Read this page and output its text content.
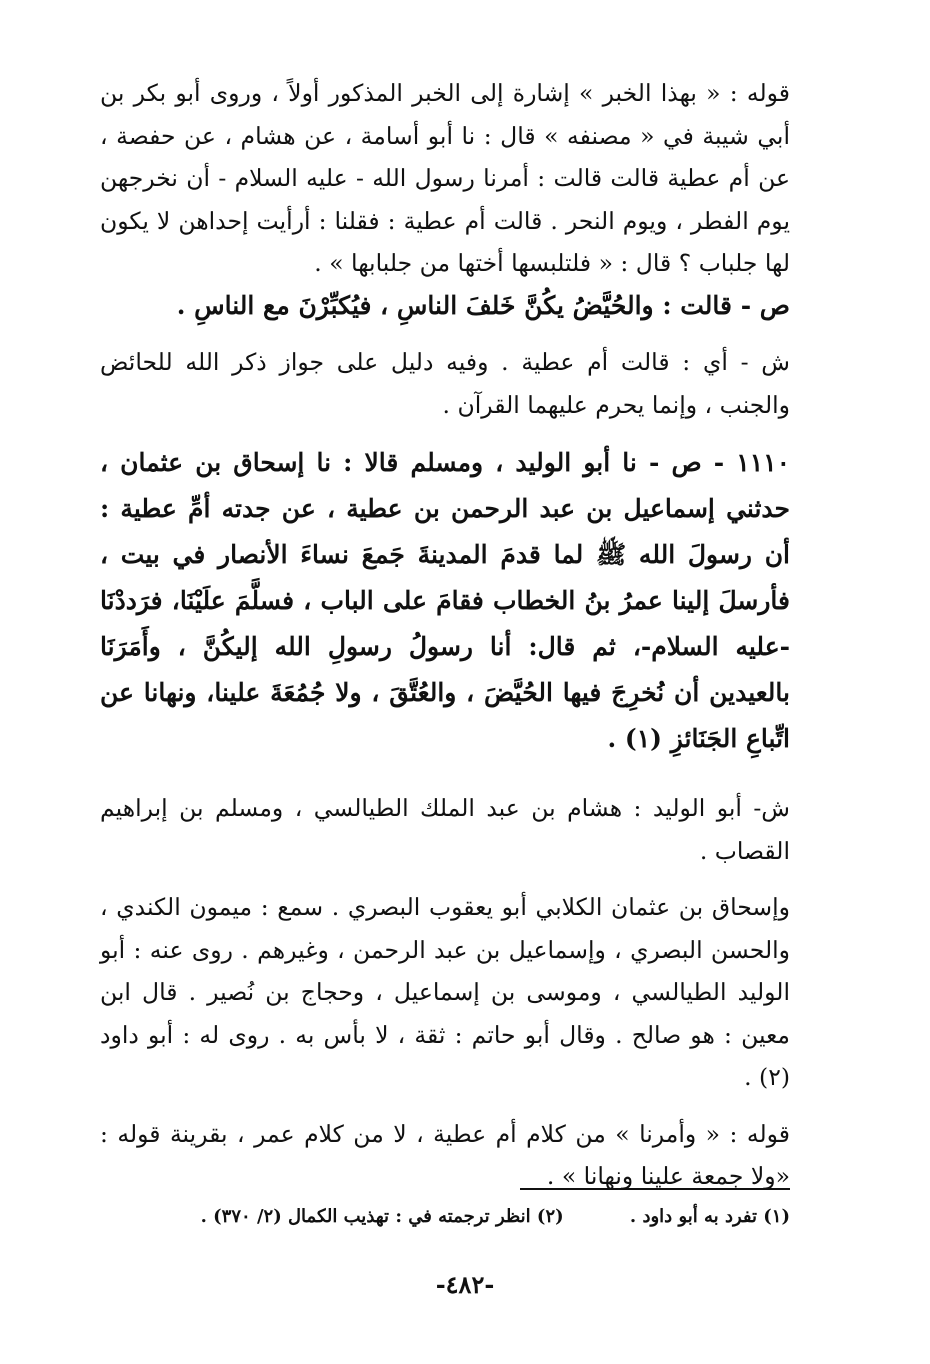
قوله : « بهذا الخبر » إشارة إلى الخبر المذكور أولاً ، وروى أبو بكر بن أبي شيبة في « مصنفه » قال : نا أبو أسامة ، عن هشام ، عن حفصة ، عن أم عطية قالت قالت : أمرنا رسول الله - عليه السلام - أن نخرجهن يوم الفطر ، ويوم النحر . قالت أم عطية : فقلنا : أرأيت إحداهن لا يكون لها جلباب ؟ قال : « فلتلبسها أختها من جلبابها » .

ص - قالت : والحُيَّضُ يكُنَّ خَلفَ الناسِ ، فيُكبِّرْنَ مع الناسِ .

ش - أي : قالت أم عطية . وفيه دليل على جواز ذكر الله للحائض والجنب ، وإنما يحرم عليهما القرآن .

١١١٠ - ص - نا أبو الوليد ، ومسلم قالا : نا إسحاق بن عثمان ، حدثني إسماعيل بن عبد الرحمن بن عطية ، عن جدته أمِّ عطية : أن رسولَ الله ﷺ لما قدمَ المدينةَ جَمعَ نساءَ الأنصار في بيت ، فأرسلَ إلينا عمرُ بنُ الخطاب فقامَ على الباب ، فسلَّمَ علَيْنَا، فرَددْنَا -عليه السلام-، ثم قال: أنا رسولُ رسولِ الله إليكُنَّ ، وأَمَرَنَا بالعيدين أن نُخرِجَ فيها الحُيَّضَ ، والعُتَّقَ ، ولا جُمُعَةَ علينا، ونهانا عن اتِّباعِ الجَنَائزِ (١) .

ش- أبو الوليد : هشام بن عبد الملك الطيالسي ، ومسلم بن إبراهيم القصاب .

وإسحاق بن عثمان الكلابي أبو يعقوب البصري . سمع : ميمون الكندي ، والحسن البصري ، وإسماعيل بن عبد الرحمن ، وغيرهم . روى عنه : أبو الوليد الطيالسي ، وموسى بن إسماعيل ، وحجاج بن نُصير . قال ابن معين : هو صالح . وقال أبو حاتم : ثقة ، لا بأس به . روى له : أبو داود (٢) .

قوله : « وأمرنا » من كلام أم عطية ، لا من كلام عمر ، بقرينة قوله : «ولا جمعة علينا ونهانا » .

(١) تفرد به أبو داود . (٢) انظر ترجمته في : تهذيب الكمال (٢/ ٣٧٠) .
-٤٨٢-
